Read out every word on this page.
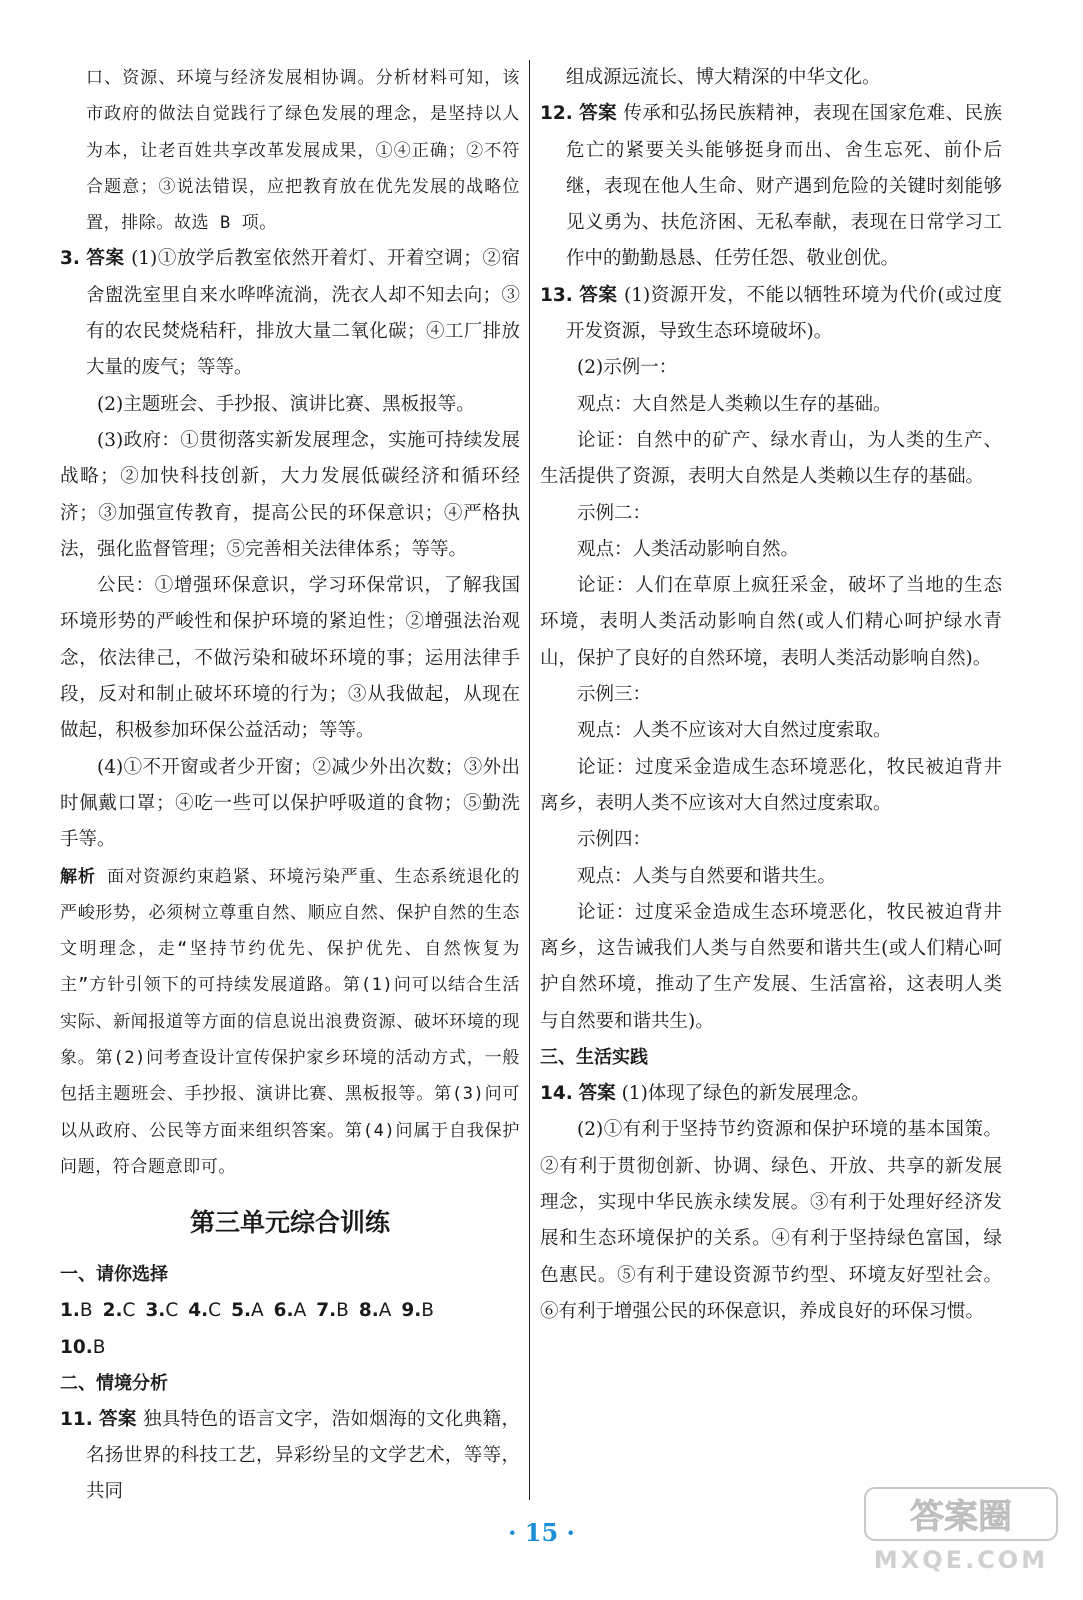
口、资源、环境与经济发展相协调。分析材料可知，该市政府的做法自觉践行了绿色发展的理念，是坚持以人为本，让老百姓共享改革发展成果，①④正确；②不符合题意；③说法错误，应把教育放在优先发展的战略位置，排除。故选 B 项。

3. 答案 (1)①放学后教室依然开着灯、开着空调；②宿舍盥洗室里自来水哗哗流淌，洗衣人却不知去向；③有的农民焚烧秸秆，排放大量二氧化碳；④工厂排放大量的废气；等等。

(2)主题班会、手抄报、演讲比赛、黑板报等。

(3)政府：①贯彻落实新发展理念，实施可持续发展战略；②加快科技创新，大力发展低碳经济和循环经济；③加强宣传教育，提高公民的环保意识；④严格执法，强化监督管理；⑤完善相关法律体系；等等。

公民：①增强环保意识，学习环保常识，了解我国环境形势的严峻性和保护环境的紧迫性；②增强法治观念，依法律己，不做污染和破坏环境的事；运用法律手段，反对和制止破坏环境的行为；③从我做起，从现在做起，积极参加环保公益活动；等等。

(4)①不开窗或者少开窗；②减少外出次数；③外出时佩戴口罩；④吃一些可以保护呼吸道的食物；⑤勤洗手等。

解析 面对资源约束趋紧、环境污染严重、生态系统退化的严峻形势，必须树立尊重自然、顺应自然、保护自然的生态文明理念，走“坚持节约优先、保护优先、自然恢复为主”方针引领下的可持续发展道路。第(1)问可以结合生活实际、新闻报道等方面的信息说出浪费资源、破坏环境的现象。第(2)问考查设计宣传保护家乡环境的活动方式，一般包括主题班会、手抄报、演讲比赛、黑板报等。第(3)问可以从政府、公民等方面来组织答案。第(4)问属于自我保护问题，符合题意即可。

第三单元综合训练

一、请你选择

1.B 2.C 3.C 4.C 5.A 6.A 7.B 8.A 9.B

10.B

二、情境分析

11. 答案 独具特色的语言文字，浩如烟海的文化典籍，名扬世界的科技工艺，异彩纷呈的文学艺术，等等，共同

组成源远流长、博大精深的中华文化。

12. 答案 传承和弘扬民族精神，表现在国家危难、民族危亡的紧要关头能够挺身而出、舍生忘死、前仆后继，表现在他人生命、财产遇到危险的关键时刻能够见义勇为、扶危济困、无私奉献，表现在日常学习工作中的勤勤恳恳、任劳任怨、敬业创优。

13. 答案 (1)资源开发，不能以牺牲环境为代价(或过度开发资源，导致生态环境破坏)。

(2)示例一：

观点：大自然是人类赖以生存的基础。

论证：自然中的矿产、绿水青山，为人类的生产、生活提供了资源，表明大自然是人类赖以生存的基础。

示例二：

观点：人类活动影响自然。

论证：人们在草原上疯狂采金，破坏了当地的生态环境，表明人类活动影响自然(或人们精心呵护绿水青山，保护了良好的自然环境，表明人类活动影响自然)。

示例三：

观点：人类不应该对大自然过度索取。

论证：过度采金造成生态环境恶化，牧民被迫背井离乡，表明人类不应该对大自然过度索取。

示例四：

观点：人类与自然要和谐共生。

论证：过度采金造成生态环境恶化，牧民被迫背井离乡，这告诫我们人类与自然要和谐共生(或人们精心呵护自然环境，推动了生产发展、生活富裕，这表明人类与自然要和谐共生)。

三、生活实践

14. 答案 (1)体现了绿色的新发展理念。

(2)①有利于坚持节约资源和保护环境的基本国策。②有利于贯彻创新、协调、绿色、开放、共享的新发展理念，实现中华民族永续发展。③有利于处理好经济发展和生态环境保护的关系。④有利于坚持绿色富国，绿色惠民。⑤有利于建设资源节约型、环境友好型社会。⑥有利于增强公民的环保意识，养成良好的环保习惯。

· 15 ·	答案圈
MXQE.COM
